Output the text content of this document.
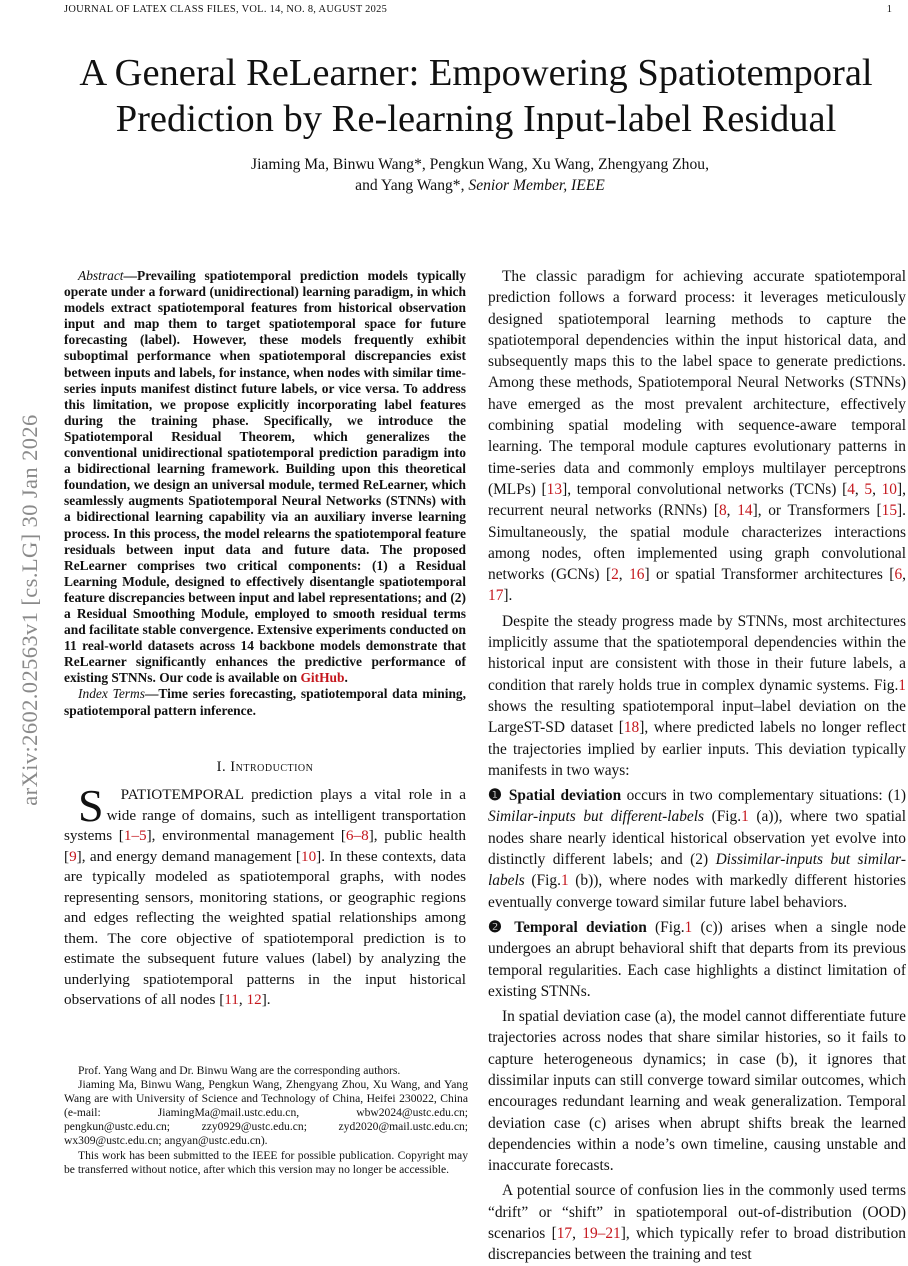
JOURNAL OF LATEX CLASS FILES, VOL. 14, NO. 8, AUGUST 2025	1
arXiv:2602.02563v1 [cs.LG] 30 Jan 2026
A General ReLearner: Empowering Spatiotemporal Prediction by Re-learning Input-label Residual
Jiaming Ma, Binwu Wang*, Pengkun Wang, Xu Wang, Zhengyang Zhou,
and Yang Wang*, Senior Member, IEEE

Abstract—Prevailing spatiotemporal prediction models typically operate under a forward (unidirectional) learning paradigm, in which models extract spatiotemporal features from historical observation input and map them to target spatiotemporal space for future forecasting (label). However, these models frequently exhibit suboptimal performance when spatiotemporal discrepancies exist between inputs and labels, for instance, when nodes with similar time-series inputs manifest distinct future labels, or vice versa. To address this limitation, we propose explicitly incorporating label features during the training phase. Specifically, we introduce the Spatiotemporal Residual Theorem, which generalizes the conventional unidirectional spatiotemporal prediction paradigm into a bidirectional learning framework. Building upon this theoretical foundation, we design an universal module, termed ReLearner, which seamlessly augments Spatiotemporal Neural Networks (STNNs) with a bidirectional learning capability via an auxiliary inverse learning process. In this process, the model relearns the spatiotemporal feature residuals between input data and future data. The proposed ReLearner comprises two critical components: (1) a Residual Learning Module, designed to effectively disentangle spatiotemporal feature discrepancies between input and label representations; and (2) a Residual Smoothing Module, employed to smooth residual terms and facilitate stable convergence. Extensive experiments conducted on 11 real-world datasets across 14 backbone models demonstrate that ReLearner significantly enhances the predictive performance of existing STNNs. Our code is available on GitHub.

Index Terms—Time series forecasting, spatiotemporal data mining, spatiotemporal pattern inference.

I. Introduction

S PATIOTEMPORAL prediction plays a vital role in a wide range of domains, such as intelligent transportation systems [1–5], environmental management [6–8], public health [9], and energy demand management [10]. In these contexts, data are typically modeled as spatiotemporal graphs, with nodes representing sensors, monitoring stations, or geographic regions and edges reflecting the weighted spatial relationships among them. The core objective of spatiotemporal prediction is to estimate the subsequent future values (label) by analyzing the underlying spatiotemporal patterns in the input historical observations of all nodes [11, 12].

Prof. Yang Wang and Dr. Binwu Wang are the corresponding authors.

Jiaming Ma, Binwu Wang, Pengkun Wang, Zhengyang Zhou, Xu Wang, and Yang Wang are with University of Science and Technology of China, Heifei 230022, China (e-mail: JiamingMa@mail.ustc.edu.cn, wbw2024@ustc.edu.cn; pengkun@ustc.edu.cn; zzy0929@ustc.edu.cn; zyd2020@mail.ustc.edu.cn; wx309@ustc.edu.cn; angyan@ustc.edu.cn).

This work has been submitted to the IEEE for possible publication. Copyright may be transferred without notice, after which this version may no longer be accessible.

The classic paradigm for achieving accurate spatiotemporal prediction follows a forward process: it leverages meticulously designed spatiotemporal learning methods to capture the spatiotemporal dependencies within the input historical data, and subsequently maps this to the label space to generate predictions. Among these methods, Spatiotemporal Neural Networks (STNNs) have emerged as the most prevalent architecture, effectively combining spatial modeling with sequence-aware temporal learning. The temporal module captures evolutionary patterns in time-series data and commonly employs multilayer perceptrons (MLPs) [13], temporal convolutional networks (TCNs) [4, 5, 10], recurrent neural networks (RNNs) [8, 14], or Transformers [15]. Simultaneously, the spatial module characterizes interactions among nodes, often implemented using graph convolutional networks (GCNs) [2, 16] or spatial Transformer architectures [6, 17].

Despite the steady progress made by STNNs, most architectures implicitly assume that the spatiotemporal dependencies within the historical input are consistent with those in their future labels, a condition that rarely holds true in complex dynamic systems. Fig.1 shows the resulting spatiotemporal input–label deviation on the LargeST-SD dataset [18], where predicted labels no longer reflect the trajectories implied by earlier inputs. This deviation typically manifests in two ways:

❶ Spatial deviation occurs in two complementary situations: (1) Similar-inputs but different-labels (Fig.1 (a)), where two spatial nodes share nearly identical historical observation yet evolve into distinctly different labels; and (2) Dissimilar-inputs but similar-labels (Fig.1 (b)), where nodes with markedly different histories eventually converge toward similar future label behaviors.

❷ Temporal deviation (Fig.1 (c)) arises when a single node undergoes an abrupt behavioral shift that departs from its previous temporal regularities. Each case highlights a distinct limitation of existing STNNs.

In spatial deviation case (a), the model cannot differentiate future trajectories across nodes that share similar histories, so it fails to capture heterogeneous dynamics; in case (b), it ignores that dissimilar inputs can still converge toward similar outcomes, which encourages redundant learning and weak generalization. Temporal deviation case (c) arises when abrupt shifts break the learned dependencies within a node’s own timeline, causing unstable and inaccurate forecasts.

A potential source of confusion lies in the commonly used terms “drift” or “shift” in spatiotemporal out-of-distribution (OOD) scenarios [17, 19–21], which typically refer to broad distribution discrepancies between the training and test
